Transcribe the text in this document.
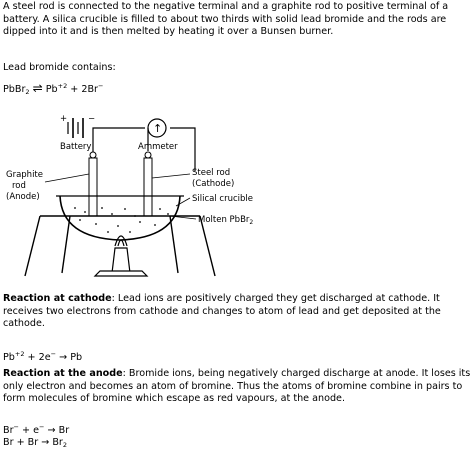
A steel rod is connected to the negative terminal and a graphite rod to positive terminal of a battery. A silica crucible is filled to about two thirds with solid lead bromide and the rods are dipped into it and is then melted by heating it over a Bunsen burner.

Lead bromide contains:
PbBr$_2$ ⇌ $Pb^{+2} + 2Br^-$
+ −
↑
Battery	Ammeter
Graphite
rod
(Anode)
Steel rod
(Cathode)
Silical crucible
Molten PbBr$_2$
Reaction at cathode: Lead ions are positively charged they get discharged at cathode. It receives two electrons from cathode and changes to atom of lead and get deposited at the cathode.
$Pb^{+2} + 2e^- \to Pb$
Reaction at the anode: Bromide ions, being negatively charged discharge at anode. It loses its only electron and becomes an atom of bromine. Thus the atoms of bromine combine in pairs to form molecules of bromine which escape as red vapours, at the anode.
Br− + e− → Br
$Br + Br \to Br_2$
